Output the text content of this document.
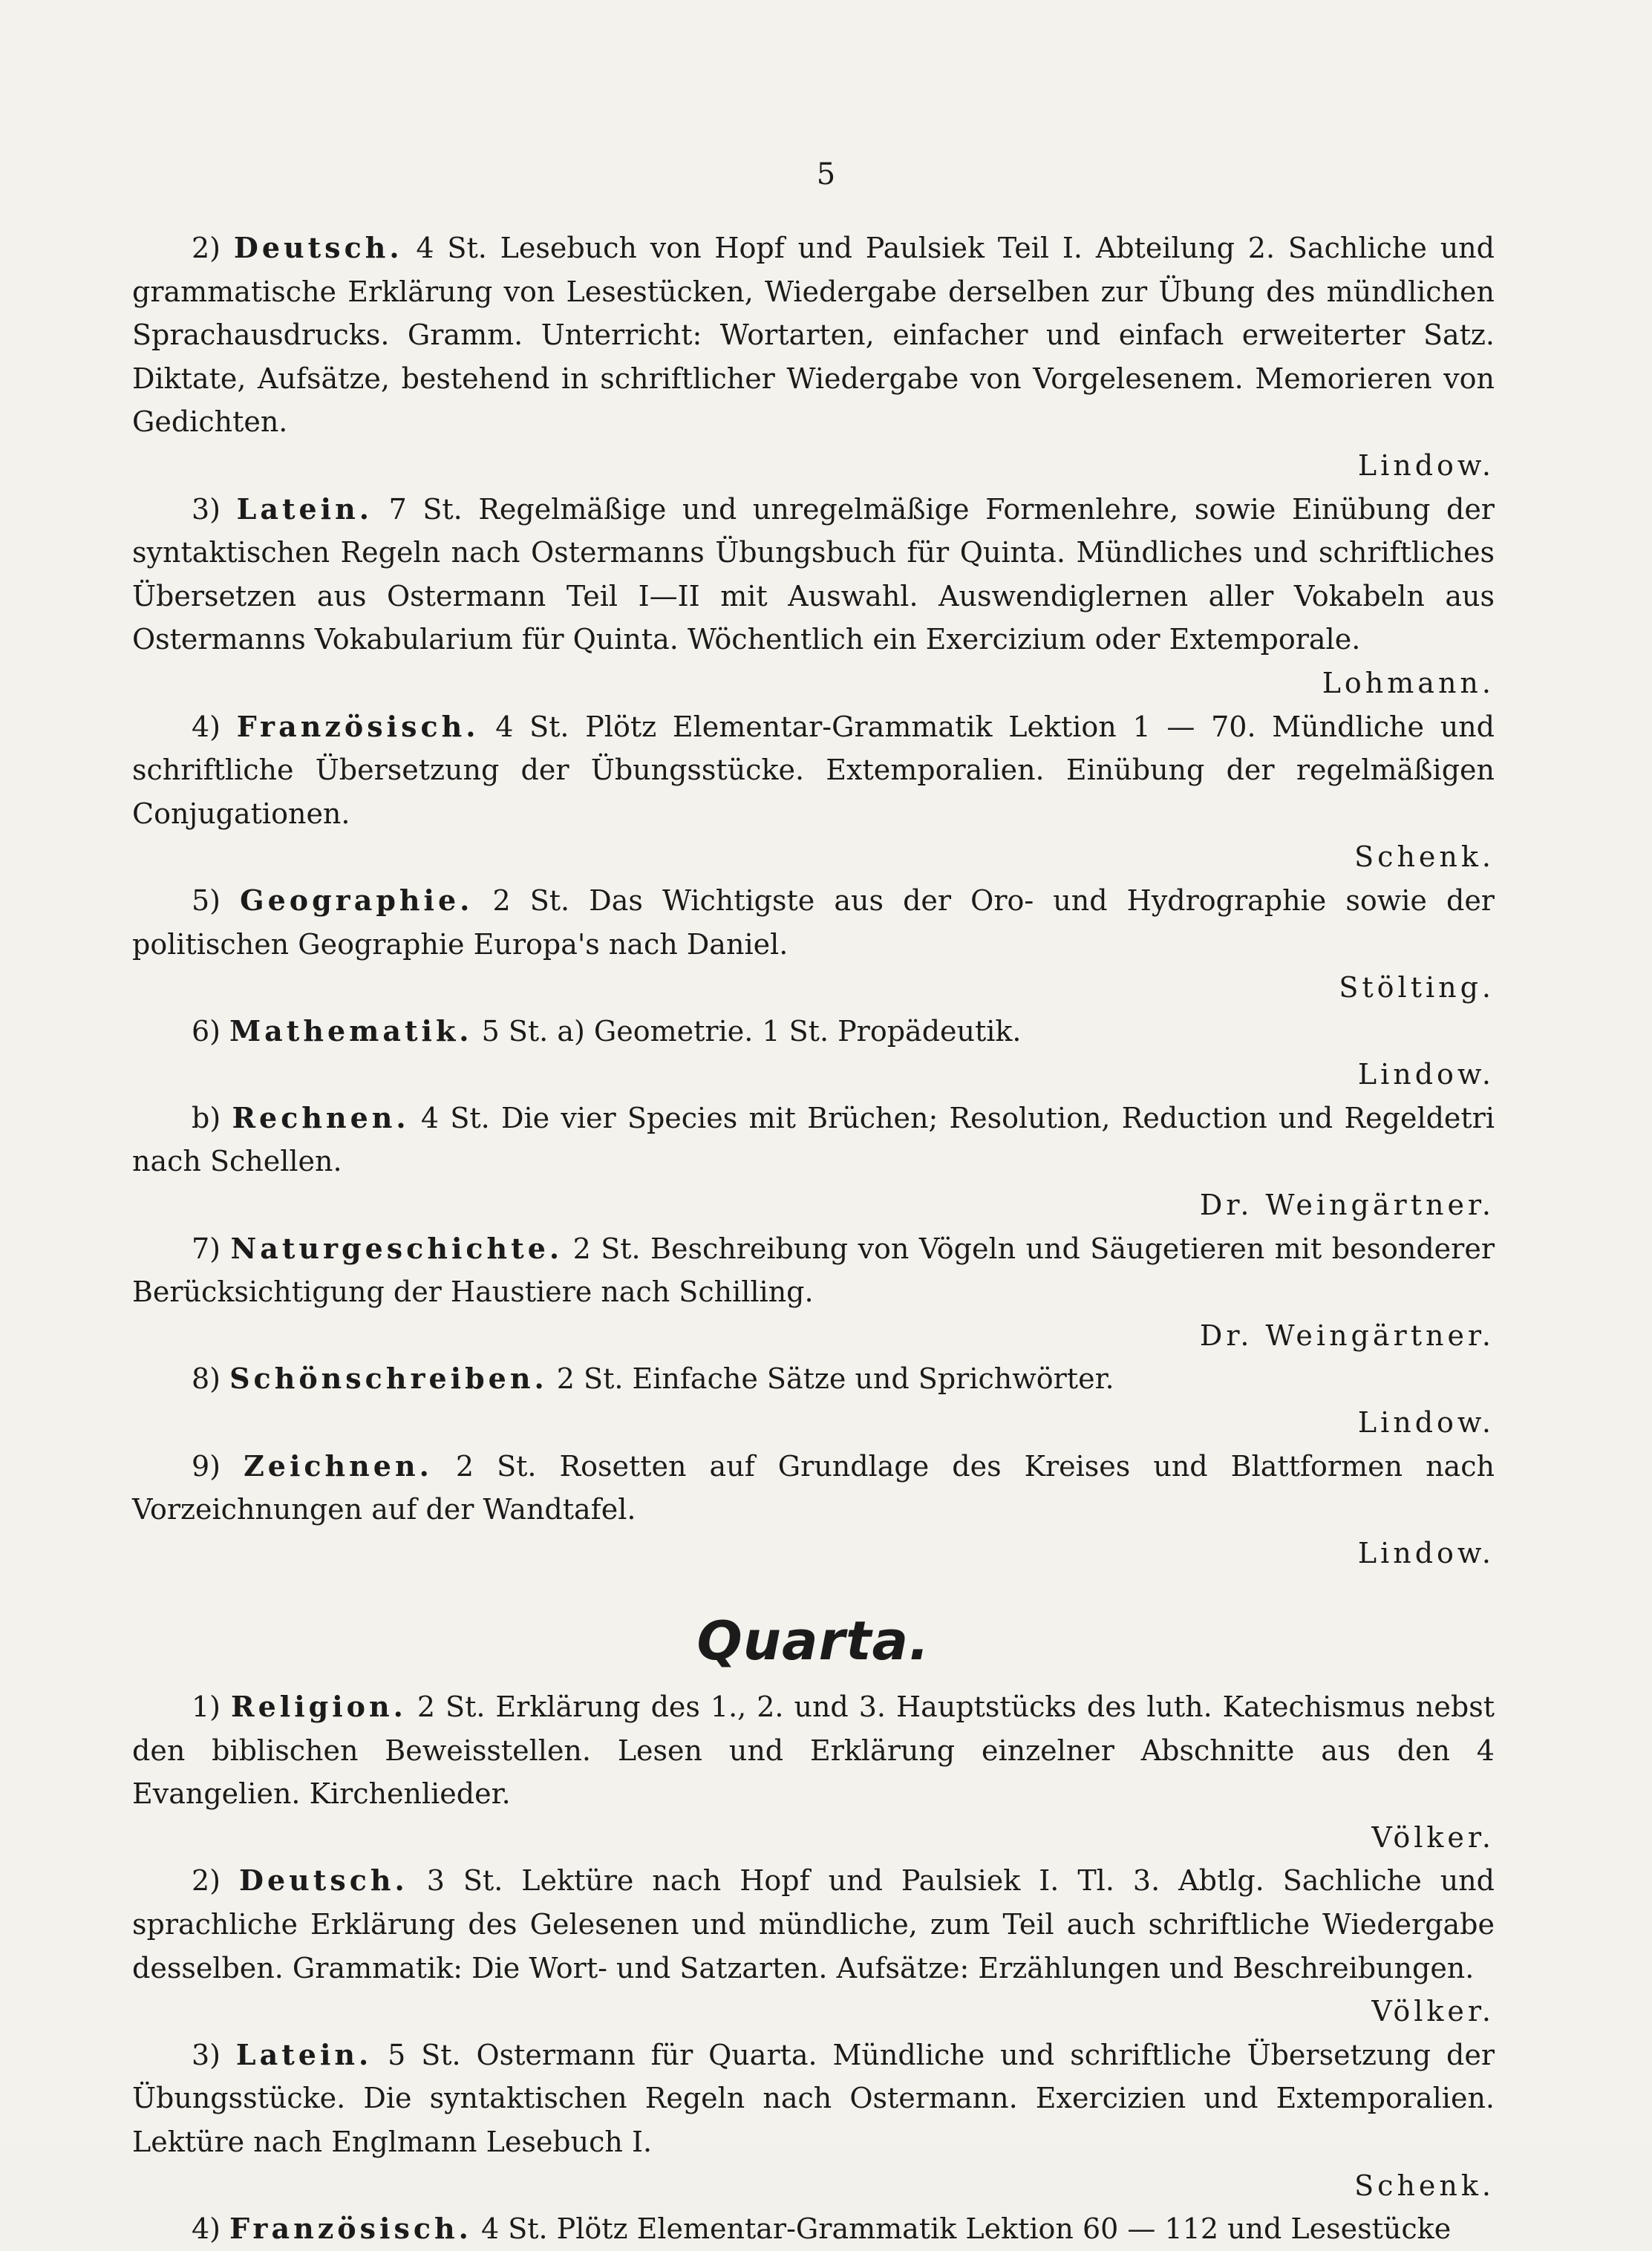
5

2) Deutsch. 4 St. Lesebuch von Hopf und Paulsiek Teil I. Abteilung 2. Sachliche und grammatische Erklärung von Lesestücken, Wiedergabe derselben zur Übung des mündlichen Sprachausdrucks. Gramm. Unterricht: Wortarten, einfacher und einfach erweiterter Satz. Diktate, Aufsätze, bestehend in schriftlicher Wiedergabe von Vorgelesenem. Memorieren von Gedichten.

Lindow.

3) Latein. 7 St. Regelmäßige und unregelmäßige Formenlehre, sowie Einübung der syntaktischen Regeln nach Ostermanns Übungsbuch für Quinta. Mündliches und schriftliches Übersetzen aus Ostermann Teil I—II mit Auswahl. Auswendiglernen aller Vokabeln aus Ostermanns Vokabularium für Quinta. Wöchentlich ein Exercizium oder Extemporale.

Lohmann.

4) Französisch. 4 St. Plötz Elementar-Grammatik Lektion 1 — 70. Mündliche und schriftliche Übersetzung der Übungsstücke. Extemporalien. Einübung der regelmäßigen Conjugationen.

Schenk.

5) Geographie. 2 St. Das Wichtigste aus der Oro- und Hydrographie sowie der politischen Geographie Europa's nach Daniel.

Stölting.

6) Mathematik. 5 St. a) Geometrie. 1 St. Propädeutik.

Lindow.

b) Rechnen. 4 St. Die vier Species mit Brüchen; Resolution, Reduction und Regeldetri nach Schellen.

Dr. Weingärtner.

7) Naturgeschichte. 2 St. Beschreibung von Vögeln und Säugetieren mit besonderer Berücksichtigung der Haustiere nach Schilling.

Dr. Weingärtner.

8) Schönschreiben. 2 St. Einfache Sätze und Sprichwörter.

Lindow.

9) Zeichnen. 2 St. Rosetten auf Grundlage des Kreises und Blattformen nach Vorzeichnungen auf der Wandtafel.

Lindow.
Quarta.

1) Religion. 2 St. Erklärung des 1., 2. und 3. Hauptstücks des luth. Katechismus nebst den biblischen Beweisstellen. Lesen und Erklärung einzelner Abschnitte aus den 4 Evangelien. Kirchenlieder.

Völker.

2) Deutsch. 3 St. Lektüre nach Hopf und Paulsiek I. Tl. 3. Abtlg. Sachliche und sprachliche Erklärung des Gelesenen und mündliche, zum Teil auch schriftliche Wiedergabe desselben. Grammatik: Die Wort- und Satzarten. Aufsätze: Erzählungen und Beschreibungen.

Völker.

3) Latein. 5 St. Ostermann für Quarta. Mündliche und schriftliche Übersetzung der Übungsstücke. Die syntaktischen Regeln nach Ostermann. Exercizien und Extemporalien. Lektüre nach Englmann Lesebuch I.

Schenk.

4) Französisch. 4 St. Plötz Elementar-Grammatik Lektion 60 — 112 und Lesestücke
